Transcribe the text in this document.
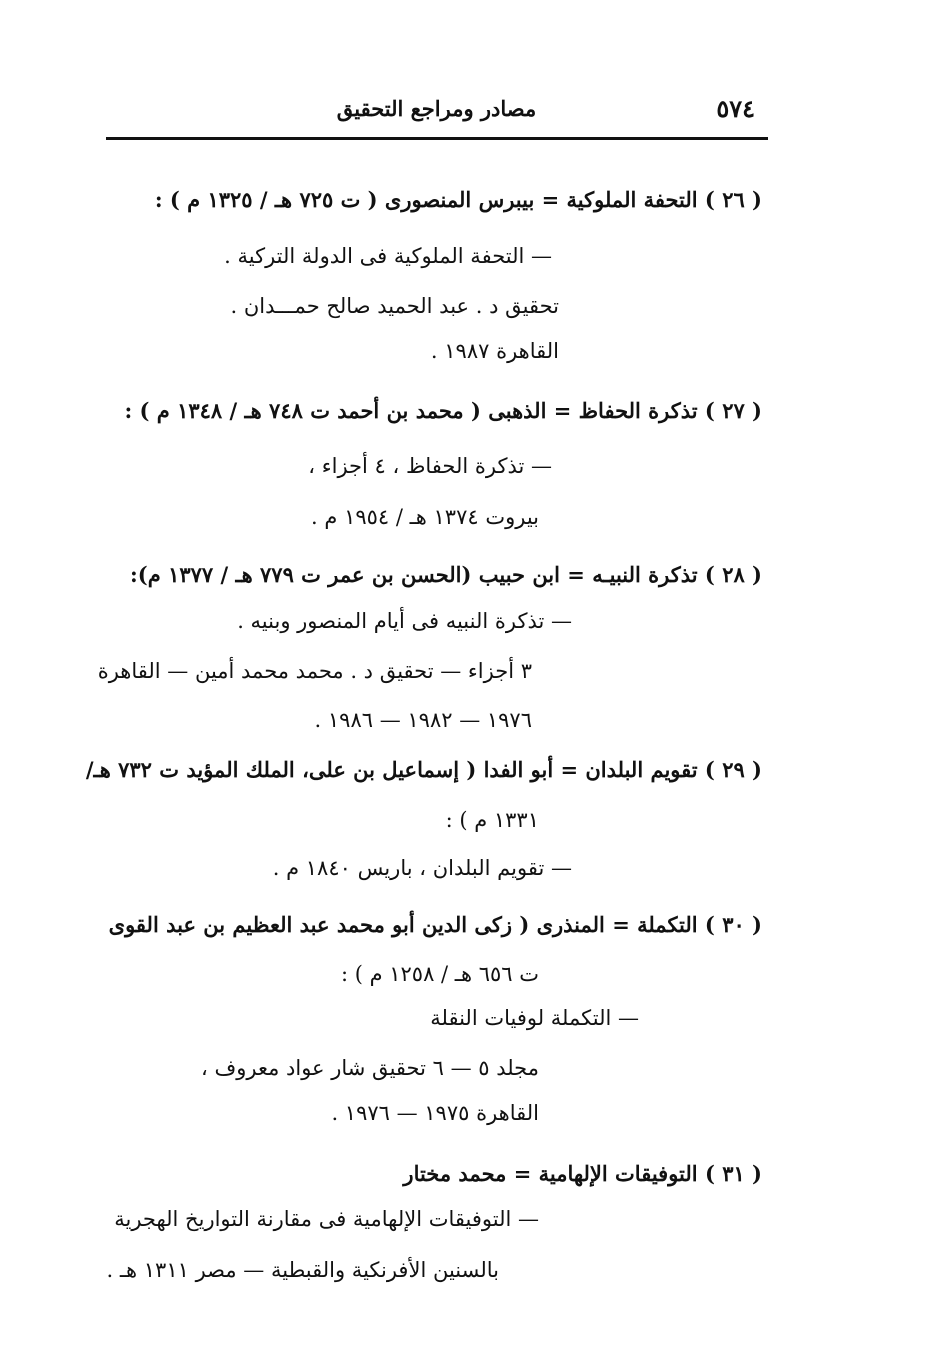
٥٧٤
مصادر ومراجع التحقيق
( ٢٦ ) التحفة الملوكية = بيبرس المنصورى ( ت ٧٢٥ هـ / ١٣٢٥ م ) :
— التحفة الملوكية فى الدولة التركية .
تحقيق د . عبد الحميد صالح حمـــدان .
القاهرة ١٩٨٧ .
( ٢٧ ) تذكرة الحفاظ = الذهبى ( محمد بن أحمد ت ٧٤٨ هـ / ١٣٤٨ م ) :
— تذكرة الحفاظ ، ٤ أجزاء ،
بيروت ١٣٧٤ هـ / ١٩٥٤ م .
( ٢٨ ) تذكرة النبيـه = ابن حبيب (الحسن بن عمر ت ٧٧٩ هـ / ١٣٧٧ م):
— تذكرة النبيه فى أيام المنصور وبنيه .
٣ أجزاء — تحقيق د . محمد محمد أمين — القاهرة
١٩٧٦ — ١٩٨٢ — ١٩٨٦ .
( ٢٩ ) تقويم البلدان = أبو الفدا ( إسماعيل بن على، الملك المؤيد ت ٧٣٢ هـ/
١٣٣١ م ) :
— تقويم البلدان ، باريس ١٨٤٠ م .
( ٣٠ ) التكملة = المنذرى ( زكى الدين أبو محمد عبد العظيم بن عبد القوى
ت ٦٥٦ هـ / ١٢٥٨ م ) :
— التكملة لوفيات النقلة
مجلد ٥ — ٦ تحقيق شار عواد معروف ،
القاهرة ١٩٧٥ — ١٩٧٦ .
( ٣١ ) التوفيقات الإلهامية = محمد مختار
— التوفيقات الإلهامية فى مقارنة التواريخ الهجرية
بالسنين الأفرنكية والقبطية — مصر ١٣١١ هـ .
